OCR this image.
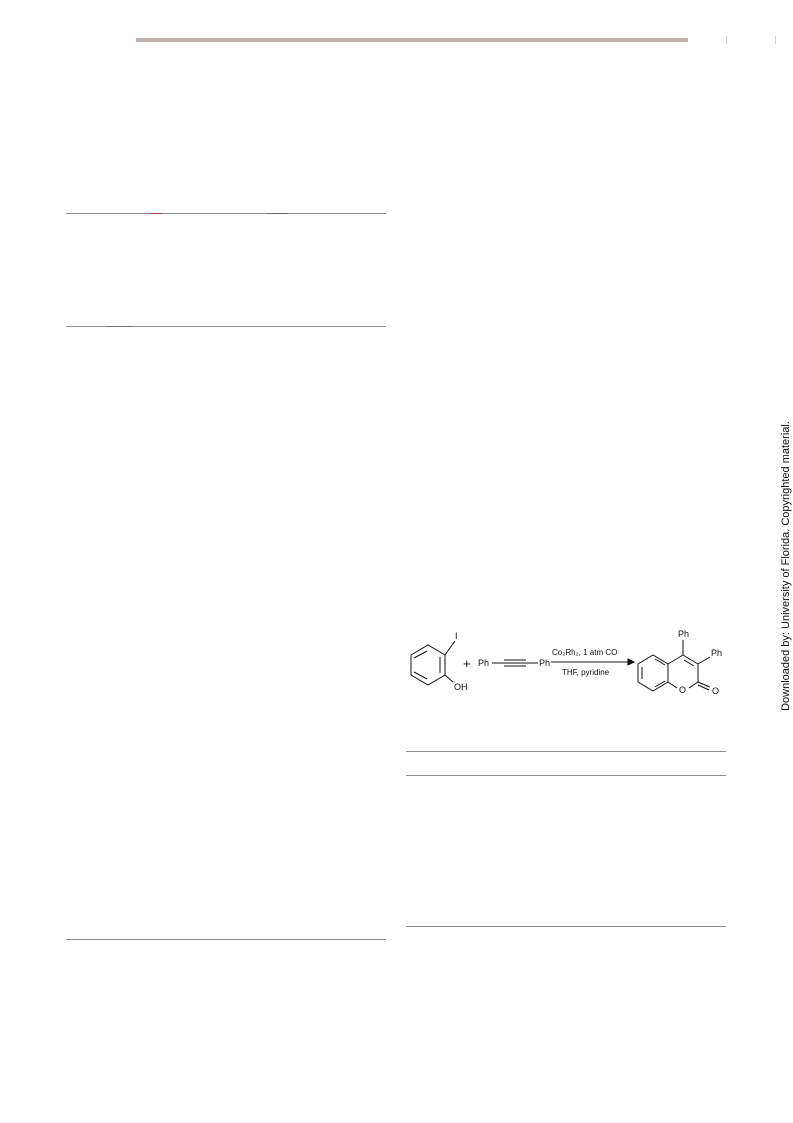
I
OH
+ Ph	Ph
Co₂Rh₂, 1 atm CO
THF, pyridine
Ph
Ph
O	O	Downloaded by: University of Florida. Copyrighted material.
